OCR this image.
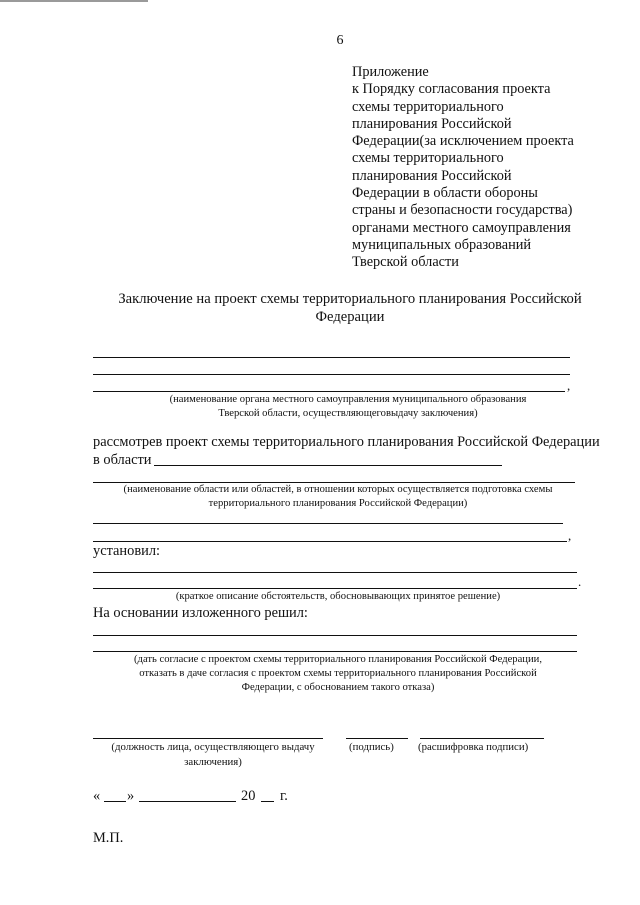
6
Приложение
к Порядку согласования проекта
схемы территориального
планирования Российской
Федерации(за исключением проекта
схемы территориального
планирования Российской
Федерации в области обороны
страны и безопасности государства)
органами местного самоуправления
муниципальных образований
Тверской области
Заключение на проект схемы территориального планирования Российской
Федерации
,
(наименование органа местного самоуправления муниципального образования
Тверской области, осуществляющеговыдачу заключения)
рассмотрев проект схемы территориального планирования Российской Федерации
в области
(наименование области или областей, в отношении которых осуществляется подготовка схемы
территориального планирования Российской Федерации)
,
установил:
.
(краткое описание обстоятельств, обосновывающих принятое решение)
На основании изложенного решил:
(дать согласие с проектом схемы территориального планирования Российской Федерации,
отказать в даче согласия с проектом схемы территориального планирования Российской
Федерации, с обоснованием такого отказа)
(должность лица, осуществляющего выдачу
заключения)
(подпись) (расшифровка подписи)
« »	20 г.
М.П.
